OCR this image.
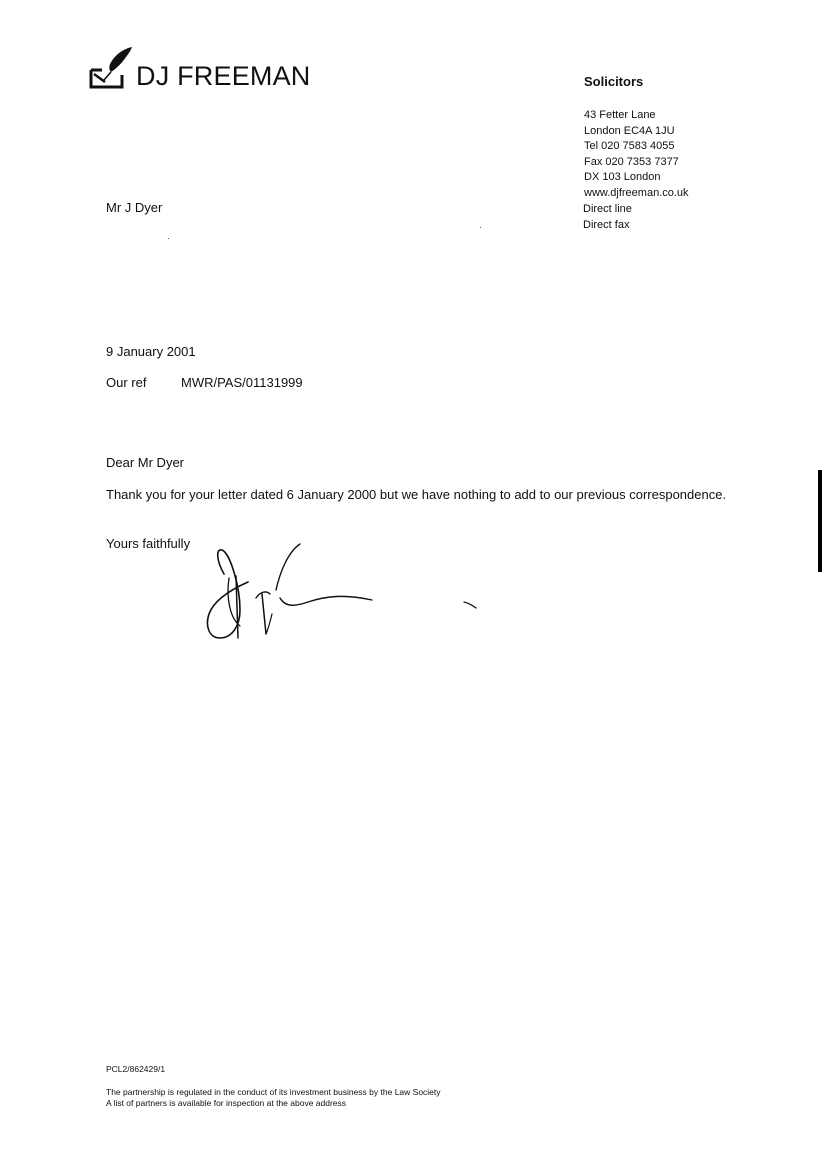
DJ FREEMAN	Solicitors
43 Fetter Lane
London EC4A 1JU
Tel 020 7583 4055
Fax 020 7353 7377
DX 103 London
www.djfreeman.co.uk
Direct line
Direct fax
Mr J Dyer
9 January 2001
Our ref	MWR/PAS/01131999
Dear Mr Dyer
Thank you for your letter dated 6 January 2000 but we have nothing to add to our previous correspondence.
Yours faithfully
PCL2/862429/1
The partnership is regulated in the conduct of its investment business by the Law Society
A list of partners is available for inspection at the above address
